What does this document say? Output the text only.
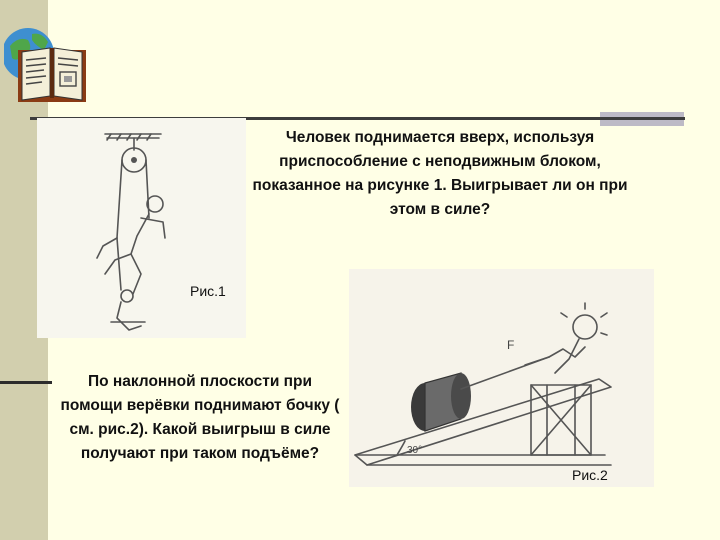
30°
F
Человек поднимается вверх, используя приспособление с неподвижным блоком, показанное на рисунке 1. Выигрывает ли он при этом в силе?
По наклонной плоскости при помощи верёвки поднимают бочку ( см. рис.2). Какой выигрыш в силе получают при таком подъёме?
Рис.1
Рис.2
